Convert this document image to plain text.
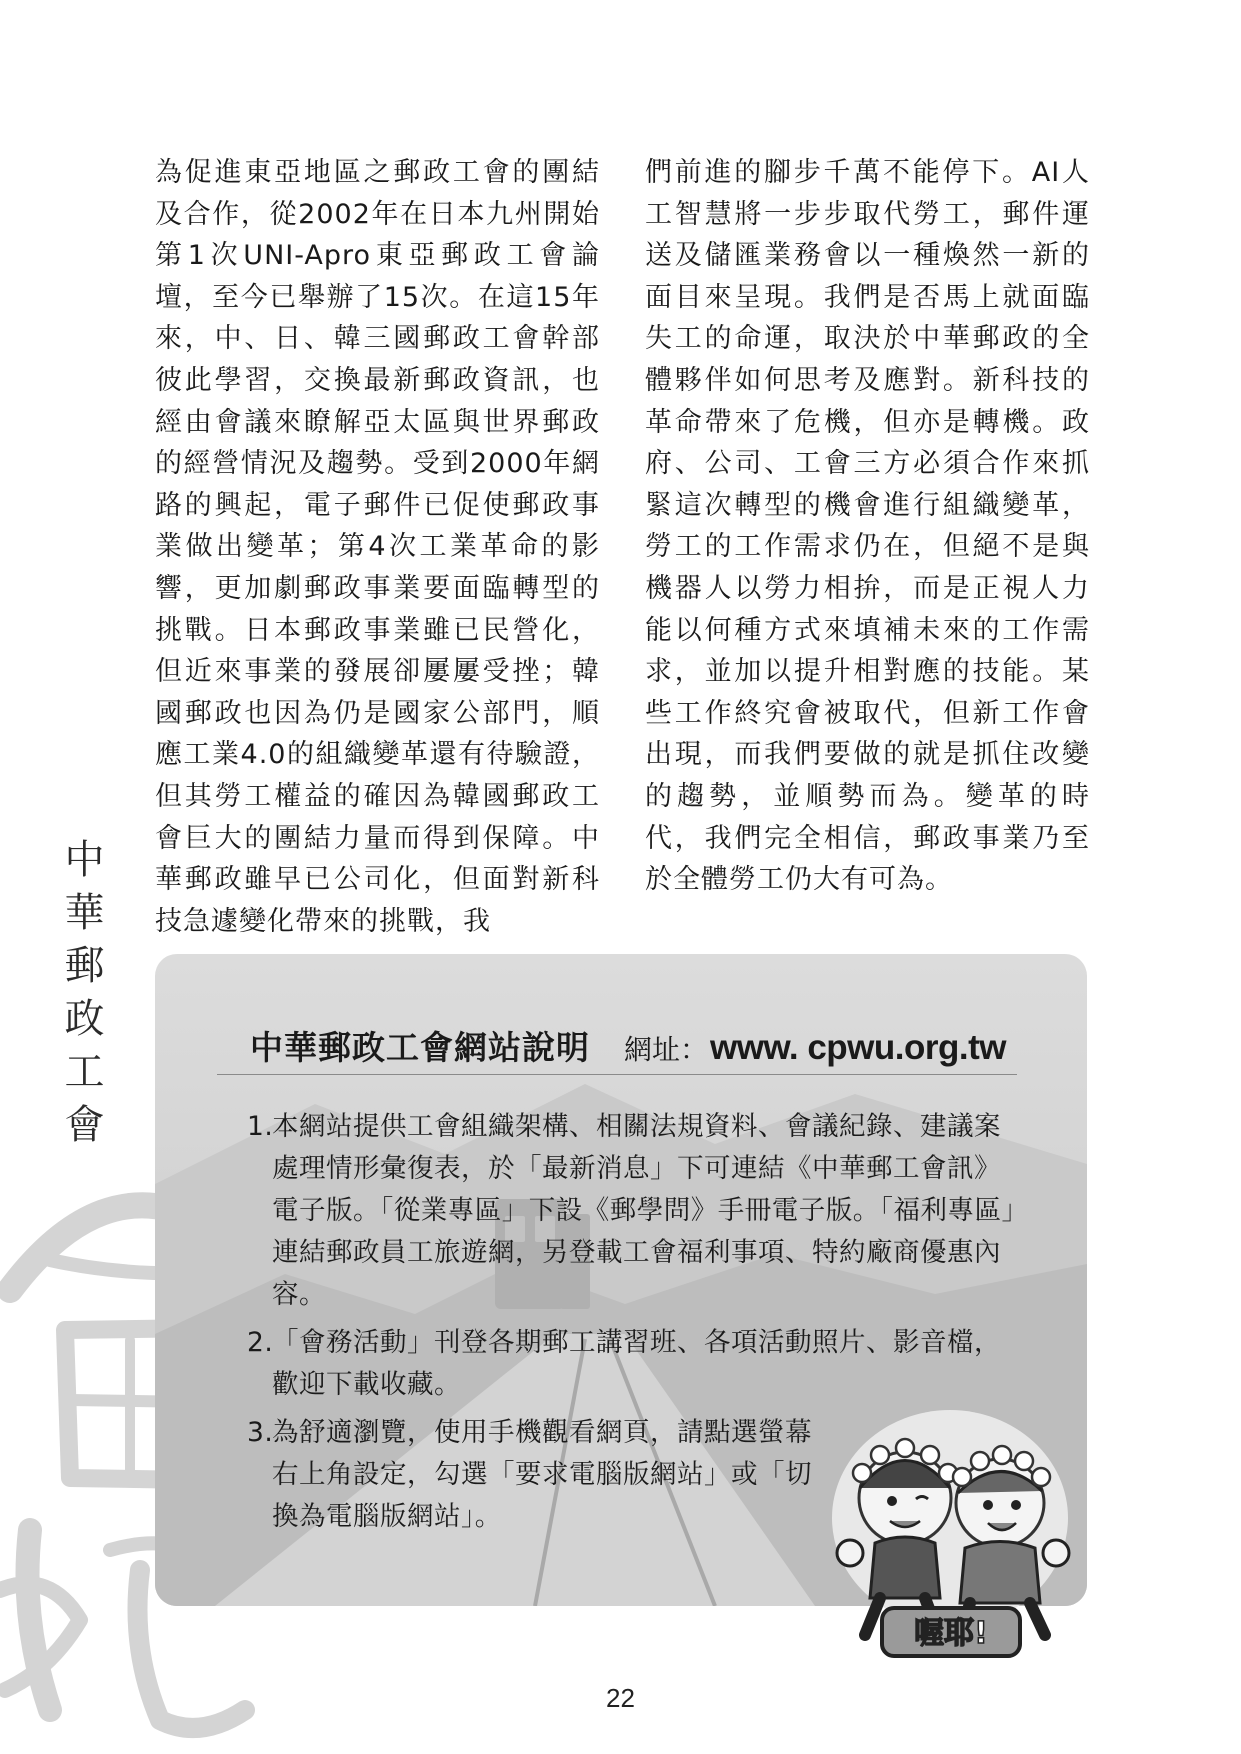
為促進東亞地區之郵政工會的團結及合作，從2002年在日本九州開始第1次UNI-Apro東亞郵政工會論壇，至今已舉辦了15次。在這15年來，中、日、韓三國郵政工會幹部彼此學習，交換最新郵政資訊，也經由會議來瞭解亞太區與世界郵政的經營情況及趨勢。受到2000年網路的興起，電子郵件已促使郵政事業做出變革；第4次工業革命的影響，更加劇郵政事業要面臨轉型的挑戰。日本郵政事業雖已民營化，但近來事業的發展卻屢屢受挫；韓國郵政也因為仍是國家公部門，順應工業4.0的組織變革還有待驗證，但其勞工權益的確因為韓國郵政工會巨大的團結力量而得到保障。中華郵政雖早已公司化，但面對新科技急遽變化帶來的挑戰，我
們前進的腳步千萬不能停下。AI人工智慧將一步步取代勞工，郵件運送及儲匯業務會以一種煥然一新的面目來呈現。我們是否馬上就面臨失工的命運，取決於中華郵政的全體夥伴如何思考及應對。新科技的革命帶來了危機，但亦是轉機。政府、公司、工會三方必須合作來抓緊這次轉型的機會進行組織變革，勞工的工作需求仍在，但絕不是與機器人以勞力相拚，而是正視人力能以何種方式來填補未來的工作需求，並加以提升相對應的技能。某些工作終究會被取代，但新工作會出現，而我們要做的就是抓住改變的趨勢，並順勢而為。變革的時代，我們完全相信，郵政事業乃至於全體勞工仍大有可為。
中華郵政工會	中華郵政工會網站說明 網址：www. cpwu.org.tw
1.
本網站提供工會組織架構、相關法規資料、會議紀錄、建議案處理情形彙復表，於「最新消息」下可連結《中華郵工會訊》電子版。「從業專區」下設《郵學問》手冊電子版。「福利專區」連結郵政員工旅遊網，另登載工會福利事項、特約廠商優惠內容。
2.
「會務活動」刊登各期郵工講習班、各項活動照片、影音檔，歡迎下載收藏。
3.
為舒適瀏覽，使用手機觀看網頁，請點選螢幕右上角設定，勾選「要求電腦版網站」或「切換為電腦版網站」。
喔耶!
22
